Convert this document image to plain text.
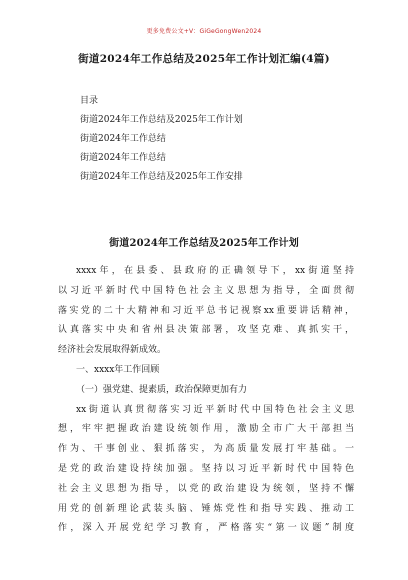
更多免费公文+V：GiGeGongWen2024
街道2024年工作总结及2025年工作计划汇编(4篇)
目录
街道2024年工作总结及2025年工作计划
街道2024年工作总结
街道2024年工作总结
街道2024年工作总结及2025年工作安排
街道2024年工作总结及2025年工作计划
xxxx年，在县委、县政府的正确领导下，xx街道坚持
以习近平新时代中国特色社会主义思想为指导，全面贯彻
落实党的二十大精神和习近平总书记视察xx重要讲话精神，
认真落实中央和省州县决策部署，攻坚克难、真抓实干，
经济社会发展取得新成效。
一、xxxx年工作回顾
（一）强党建、提素质，政治保障更加有力
xx街道认真贯彻落实习近平新时代中国特色社会主义思
想，牢牢把握政治建设统领作用，激励全市广大干部担当
作为、干事创业、狠抓落实，为高质量发展打牢基础。一
是党的政治建设持续加强。坚持以习近平新时代中国特色
社会主义思想为指导，以党的政治建设为统领，坚持不懈
用党的创新理论武装头脑、锤炼党性和指导实践、推动工
作，深入开展党纪学习教育，严格落实“第一议题”制度
